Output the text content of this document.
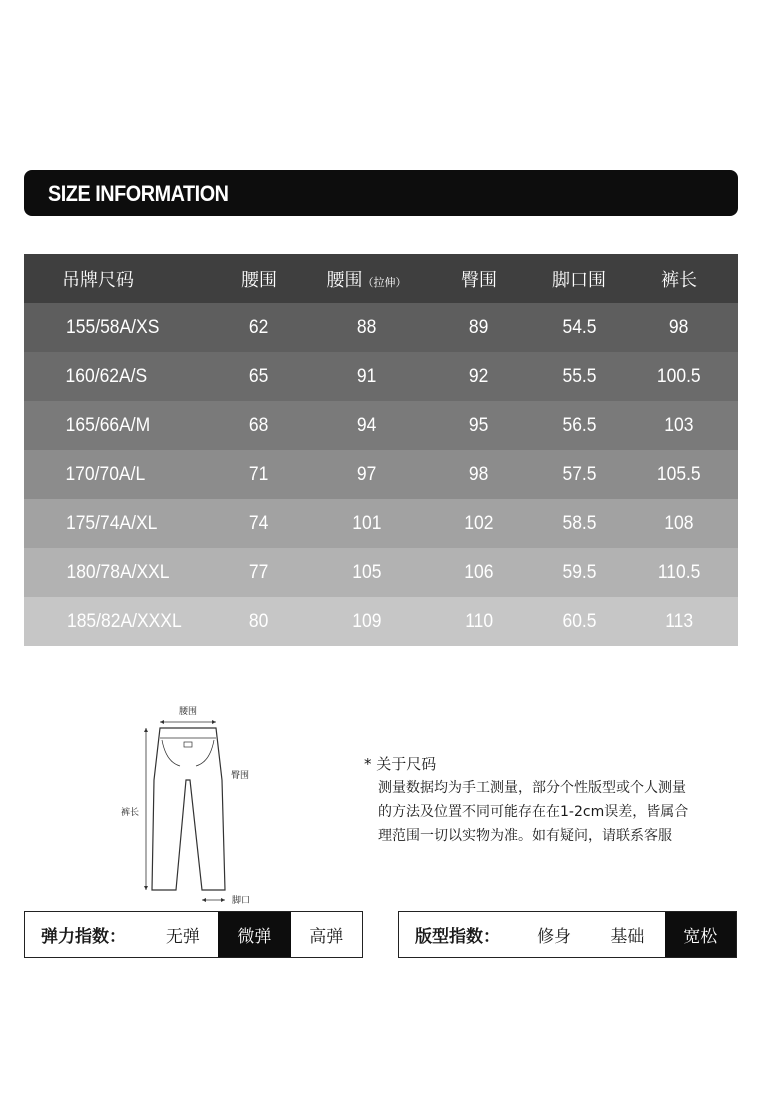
SIZE INFORMATION
吊牌尺码	腰围	腰围（拉伸）	臀围	脚口围	裤长
155/58A/XS	62	88	89	54.5	98
160/62A/S	65	91	92	55.5	100.5
165/66A/M	68	94	95	56.5	103
170/70A/L	71	97	98	57.5	105.5
175/74A/XL	74	101	102	58.5	108
180/78A/XXL	77	105	106	59.5	110.5
185/82A/XXXL	80	109	110	60.5	113
腰围
裤长
臀围
脚口
* 关于尺码
测量数据均为手工测量，部分个性版型或个人测量
的方法及位置不同可能存在在1-2cm误差，皆属合
理范围一切以实物为准。如有疑问，请联系客服
弹力指数：	无弹	微弹	高弹	版型指数：	修身	基础	宽松
